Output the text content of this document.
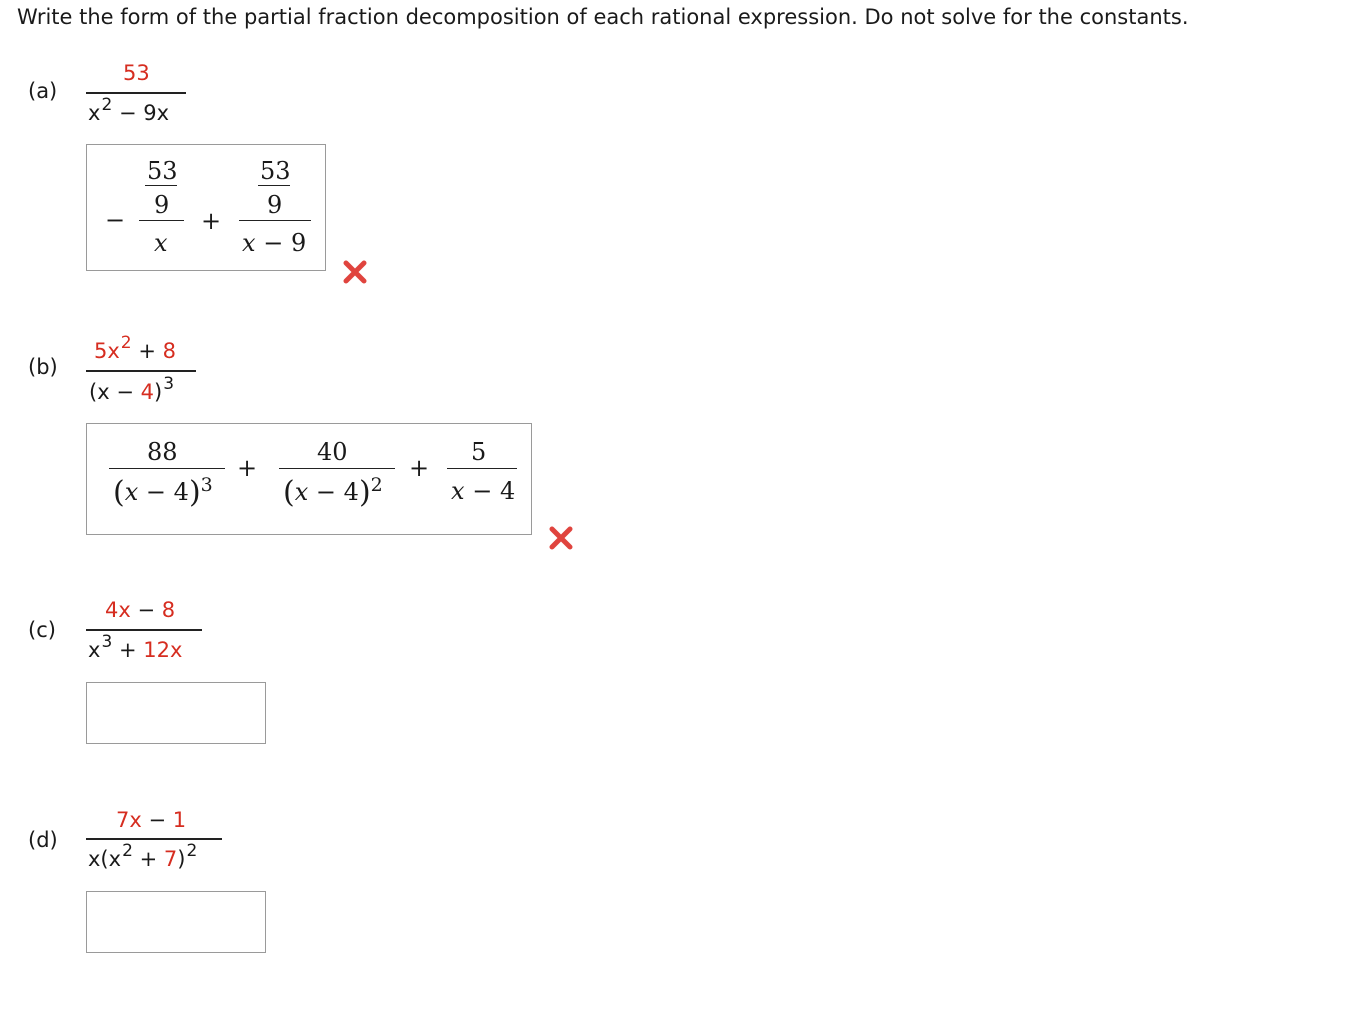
Write the form of the partial fraction decomposition of each rational expression. Do not solve for the constants.
(a)
53
$x^2 - 9x$
−
53
9
x
+
53
9
x − 9
(b)
$5x^2 + 8$
$(x - 4)^3$
88
$(x - 4)^3$
+
40
$(x - 4)^2$
+
5
x − 4
(c)
4x − 8
$x^3 + 12x$
(d)
7x − 1
$x(x^2 + 7)^2$
